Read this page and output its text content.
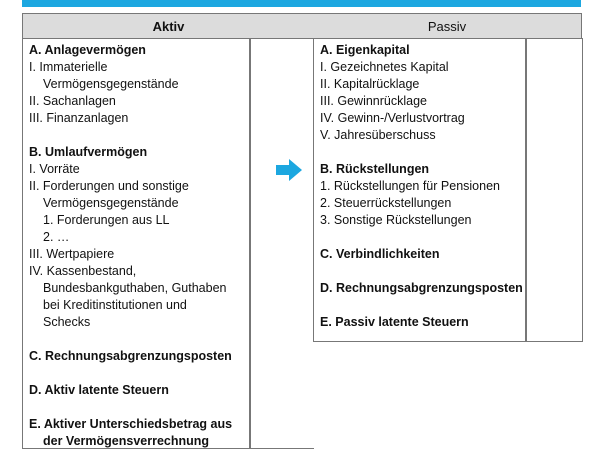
Aktiv	Passiv
A. Anlagevermögen
I. Immaterielle
Vermögensgegenstände
II. Sachanlagen
III. Finanzanlagen
B. Umlaufvermögen
I. Vorräte
II. Forderungen und sonstige
Vermögensgegenstände
1. Forderungen aus LL
2. …
III. Wertpapiere
IV. Kassenbestand,
Bundesbankguthaben, Guthaben
bei Kreditinstitutionen und
Schecks
C. Rechnungsabgrenzungsposten
D. Aktiv latente Steuern
E. Aktiver Unterschiedsbetrag aus
der Vermögensverrechnung
A. Eigenkapital
I. Gezeichnetes Kapital
II. Kapitalrücklage
III. Gewinnrücklage
IV. Gewinn-/Verlustvortrag
V. Jahresüberschuss
B. Rückstellungen
1. Rückstellungen für Pensionen
2. Steuerrückstellungen
3. Sonstige Rückstellungen
C. Verbindlichkeiten
D. Rechnungsabgrenzungsposten
E. Passiv latente Steuern
